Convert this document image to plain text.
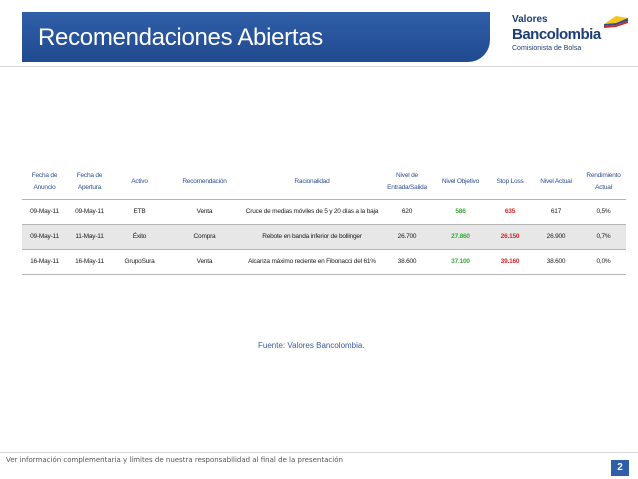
Recomendaciones Abiertas
Valores
Bancolombia
Comisionista de Bolsa
Fecha de Anuncio	Fecha de Apertura	Activo	Recomendación	Racionalidad	Nivel de Entrada/Salida	Nivel Objetivo	Stop Loss	Nivel Actual	Rendimiento Actual
09-May-11	09-May-11	ETB	Venta	Cruce de medias móviles de 5 y 20 días a la baja	620	586	635	617	0,5%
09-May-11	11-May-11	Éxito	Compra	Rebote en banda inferior de bollinger	26.700	27.860	26.150	26.900	0,7%
16-May-11	16-May-11	GrupoSura	Venta	Alcanza máximo reciente en Fibonacci del 61%	38.600	37.100	39.160	38.600	0,0%
Fuente: Valores Bancolombia.
Ver información complementaria y límites de nuestra responsabilidad al final de la presentación
2
